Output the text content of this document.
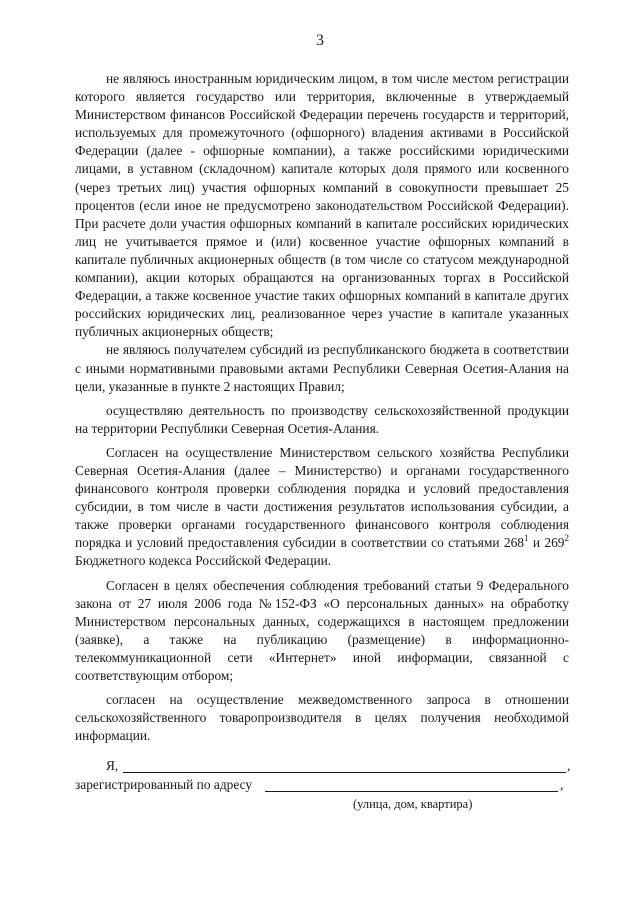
3

не являюсь иностранным юридическим лицом, в том числе местом регистрации которого является государство или территория, включенные в утверждаемый Министерством финансов Российской Федерации перечень государств и территорий, используемых для промежуточного (офшорного) владения активами в Российской Федерации (далее - офшорные компании), а также российскими юридическими лицами, в уставном (складочном) капитале которых доля прямого или косвенного (через третьих лиц) участия офшорных компаний в совокупности превышает 25 процентов (если иное не предусмотрено законодательством Российской Федерации). При расчете доли участия офшорных компаний в капитале российских юридических лиц не учитывается прямое и (или) косвенное участие офшорных компаний в капитале публичных акционерных обществ (в том числе со статусом международной компании), акции которых обращаются на организованных торгах в Российской Федерации, а также косвенное участие таких офшорных компаний в капитале других российских юридических лиц, реализованное через участие в капитале указанных публичных акционерных обществ;

не являюсь получателем субсидий из республиканского бюджета в соответствии с иными нормативными правовыми актами Республики Северная Осетия-Алания на цели, указанные в пункте 2 настоящих Правил;

осуществляю деятельность по производству сельскохозяйственной продукции на территории Республики Северная Осетия-Алания.

Согласен на осуществление Министерством сельского хозяйства Республики Северная Осетия-Алания (далее – Министерство) и органами государственного финансового контроля проверки соблюдения порядка и условий предоставления субсидии, в том числе в части достижения результатов использования субсидии, а также проверки органами государственного финансового контроля соблюдения порядка и условий предоставления субсидии в соответствии со статьями $268^1$ и $269^2$ Бюджетного кодекса Российской Федерации.

Согласен в целях обеспечения соблюдения требований статьи 9 Федерального закона от 27 июля 2006 года №152-ФЗ «О персональных данных» на обработку Министерством персональных данных, содержащихся в настоящем предложении (заявке), а также на публикацию (размещение) в информационно-телекоммуникационной сети «Интернет» иной информации, связанной с соответствующим отбором;

согласен на осуществление межведомственного запроса в отношении сельскохозяйственного товаропроизводителя в целях получения необходимой информации.

Я,	,
зарегистрированный по адресу	,
(улица, дом, квартира)
